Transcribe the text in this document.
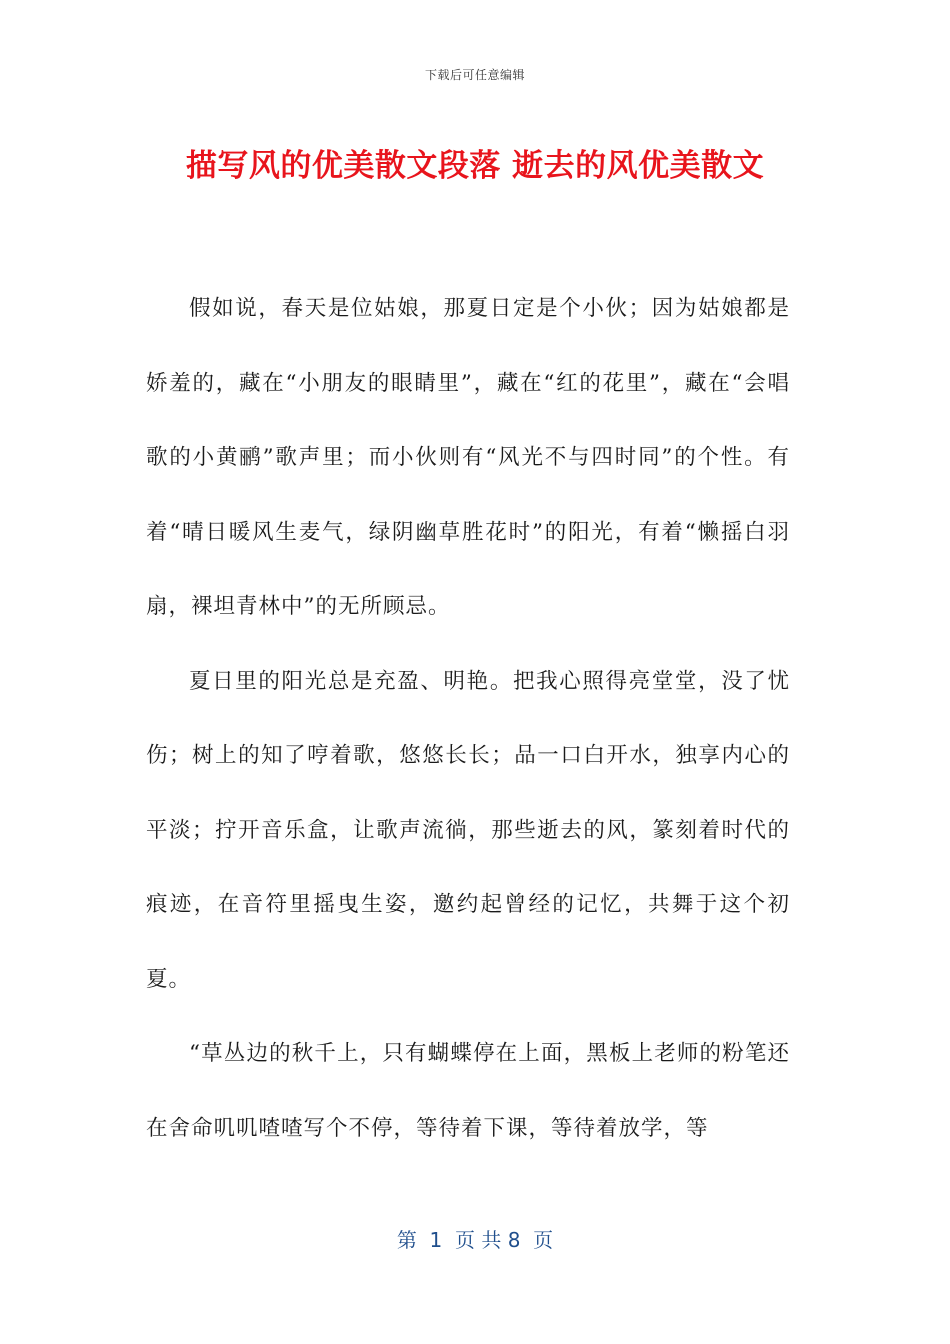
下载后可任意编辑
描写风的优美散文段落 逝去的风优美散文

假如说，春天是位姑娘，那夏日定是个小伙；因为姑娘都是娇羞的，藏在“小朋友的眼睛里”，藏在“红的花里”，藏在“会唱歌的小黄鹂”歌声里；而小伙则有“风光不与四时同”的个性。有着“晴日暖风生麦气，绿阴幽草胜花时”的阳光，有着“懒摇白羽扇，裸坦青林中”的无所顾忌。

夏日里的阳光总是充盈、明艳。把我心照得亮堂堂，没了忧伤；树上的知了哼着歌，悠悠长长；品一口白开水，独享内心的平淡；拧开音乐盒，让歌声流徜，那些逝去的风，篆刻着时代的痕迹，在音符里摇曳生姿，邀约起曾经的记忆，共舞于这个初夏。

“草丛边的秋千上，只有蝴蝶停在上面，黑板上老师的粉笔还在舍命叽叽喳喳写个不停，等待着下课，等待着放学，等

第  1  页 共 8  页
